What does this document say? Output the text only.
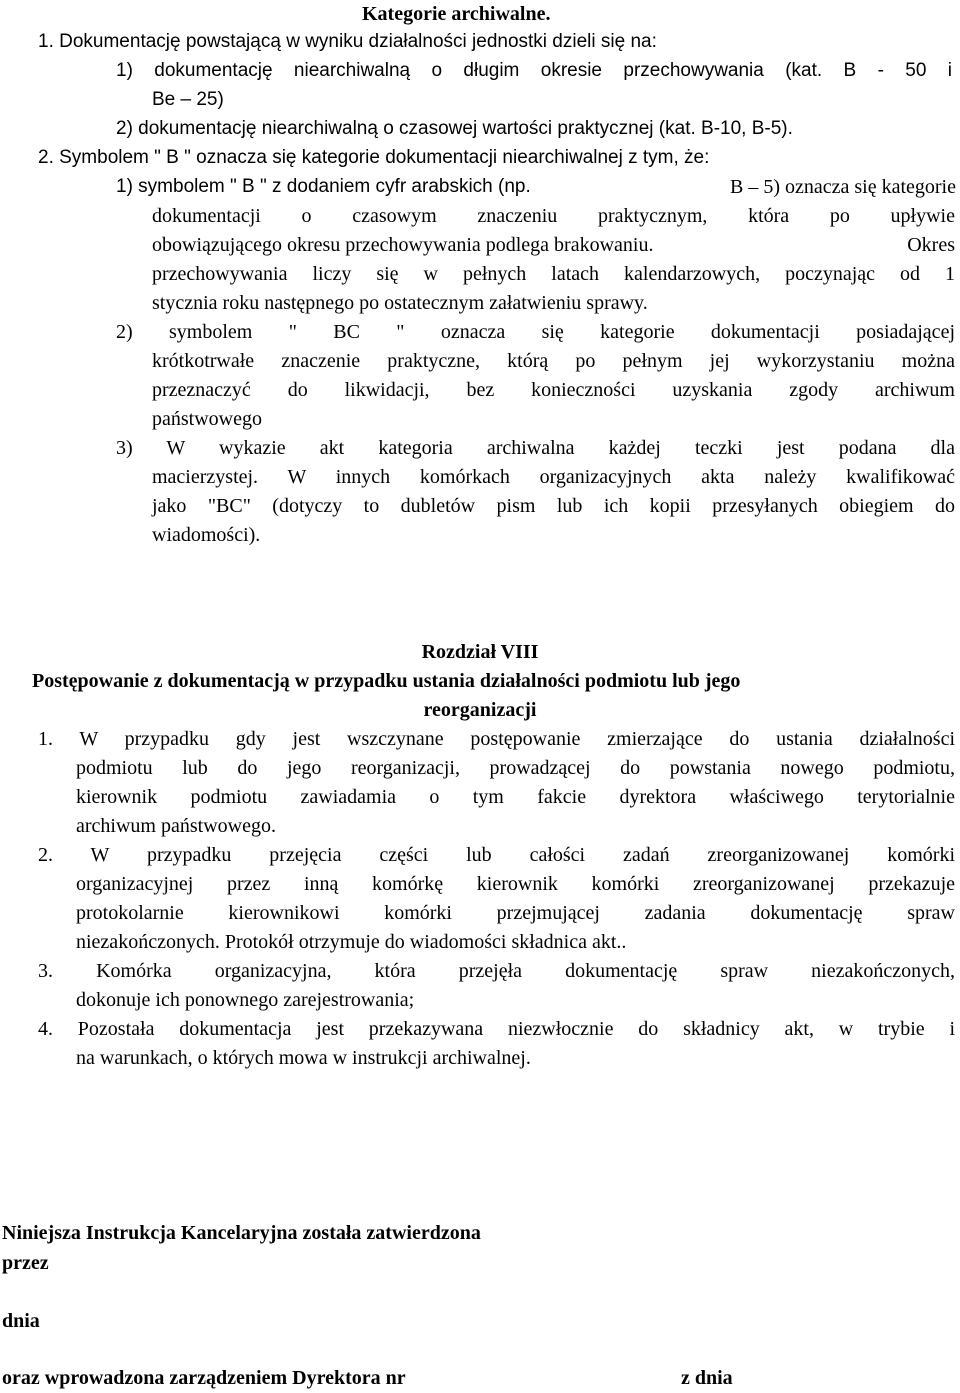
Kategorie archiwalne.
1. Dokumentację powstającą w wyniku działalności jednostki dzieli się na:
1) dokumentację niearchiwalną o długim okresie przechowywania (kat. B - 50 i
Be – 25)
2) dokumentację niearchiwalną o czasowej wartości praktycznej (kat. B-10, B-5).
2. Symbolem " B " oznacza się kategorie dokumentacji niearchiwalnej z tym, że:
1) symbolem " B " z dodaniem cyfr arabskich (np.	B – 5) oznacza się kategorie
dokumentacji o czasowym znaczeniu praktycznym, która po upływie
obowiązującego okresu przechowywania podlega brakowaniu.	Okres
przechowywania liczy się w pełnych latach kalendarzowych, poczynając od 1
stycznia roku następnego po ostatecznym załatwieniu sprawy.
2) symbolem " BC " oznacza się kategorie dokumentacji posiadającej
krótkotrwałe znaczenie praktyczne, którą po pełnym jej wykorzystaniu można
przeznaczyć do likwidacji, bez konieczności uzyskania zgody archiwum
państwowego
3) W wykazie akt kategoria archiwalna każdej teczki jest podana dla
macierzystej. W innych komórkach organizacyjnych akta należy kwalifikować
jako "BC" (dotyczy to dubletów pism lub ich kopii przesyłanych obiegiem do
wiadomości).
Rozdział VIII
Postępowanie z dokumentacją w przypadku ustania działalności podmiotu lub jego
reorganizacji
1. W przypadku gdy jest wszczynane postępowanie zmierzające do ustania działalności
podmiotu lub do jego reorganizacji, prowadzącej do powstania nowego podmiotu,
kierownik podmiotu zawiadamia o tym fakcie dyrektora właściwego terytorialnie
archiwum państwowego.
2. W przypadku przejęcia części lub całości zadań zreorganizowanej komórki
organizacyjnej przez inną komórkę kierownik komórki zreorganizowanej przekazuje
protokolarnie kierownikowi komórki przejmującej zadania dokumentację spraw
niezakończonych. Protokół otrzymuje do wiadomości składnica akt..
3. Komórka organizacyjna, która przejęła dokumentację spraw niezakończonych,
dokonuje ich ponownego zarejestrowania;
4. Pozostała dokumentacja jest przekazywana niezwłocznie do składnicy akt, w trybie i
na warunkach, o których mowa w instrukcji archiwalnej.
Niniejsza Instrukcja Kancelaryjna została zatwierdzona
przez
dnia
oraz wprowadzona zarządzeniem Dyrektora nr	z dnia
